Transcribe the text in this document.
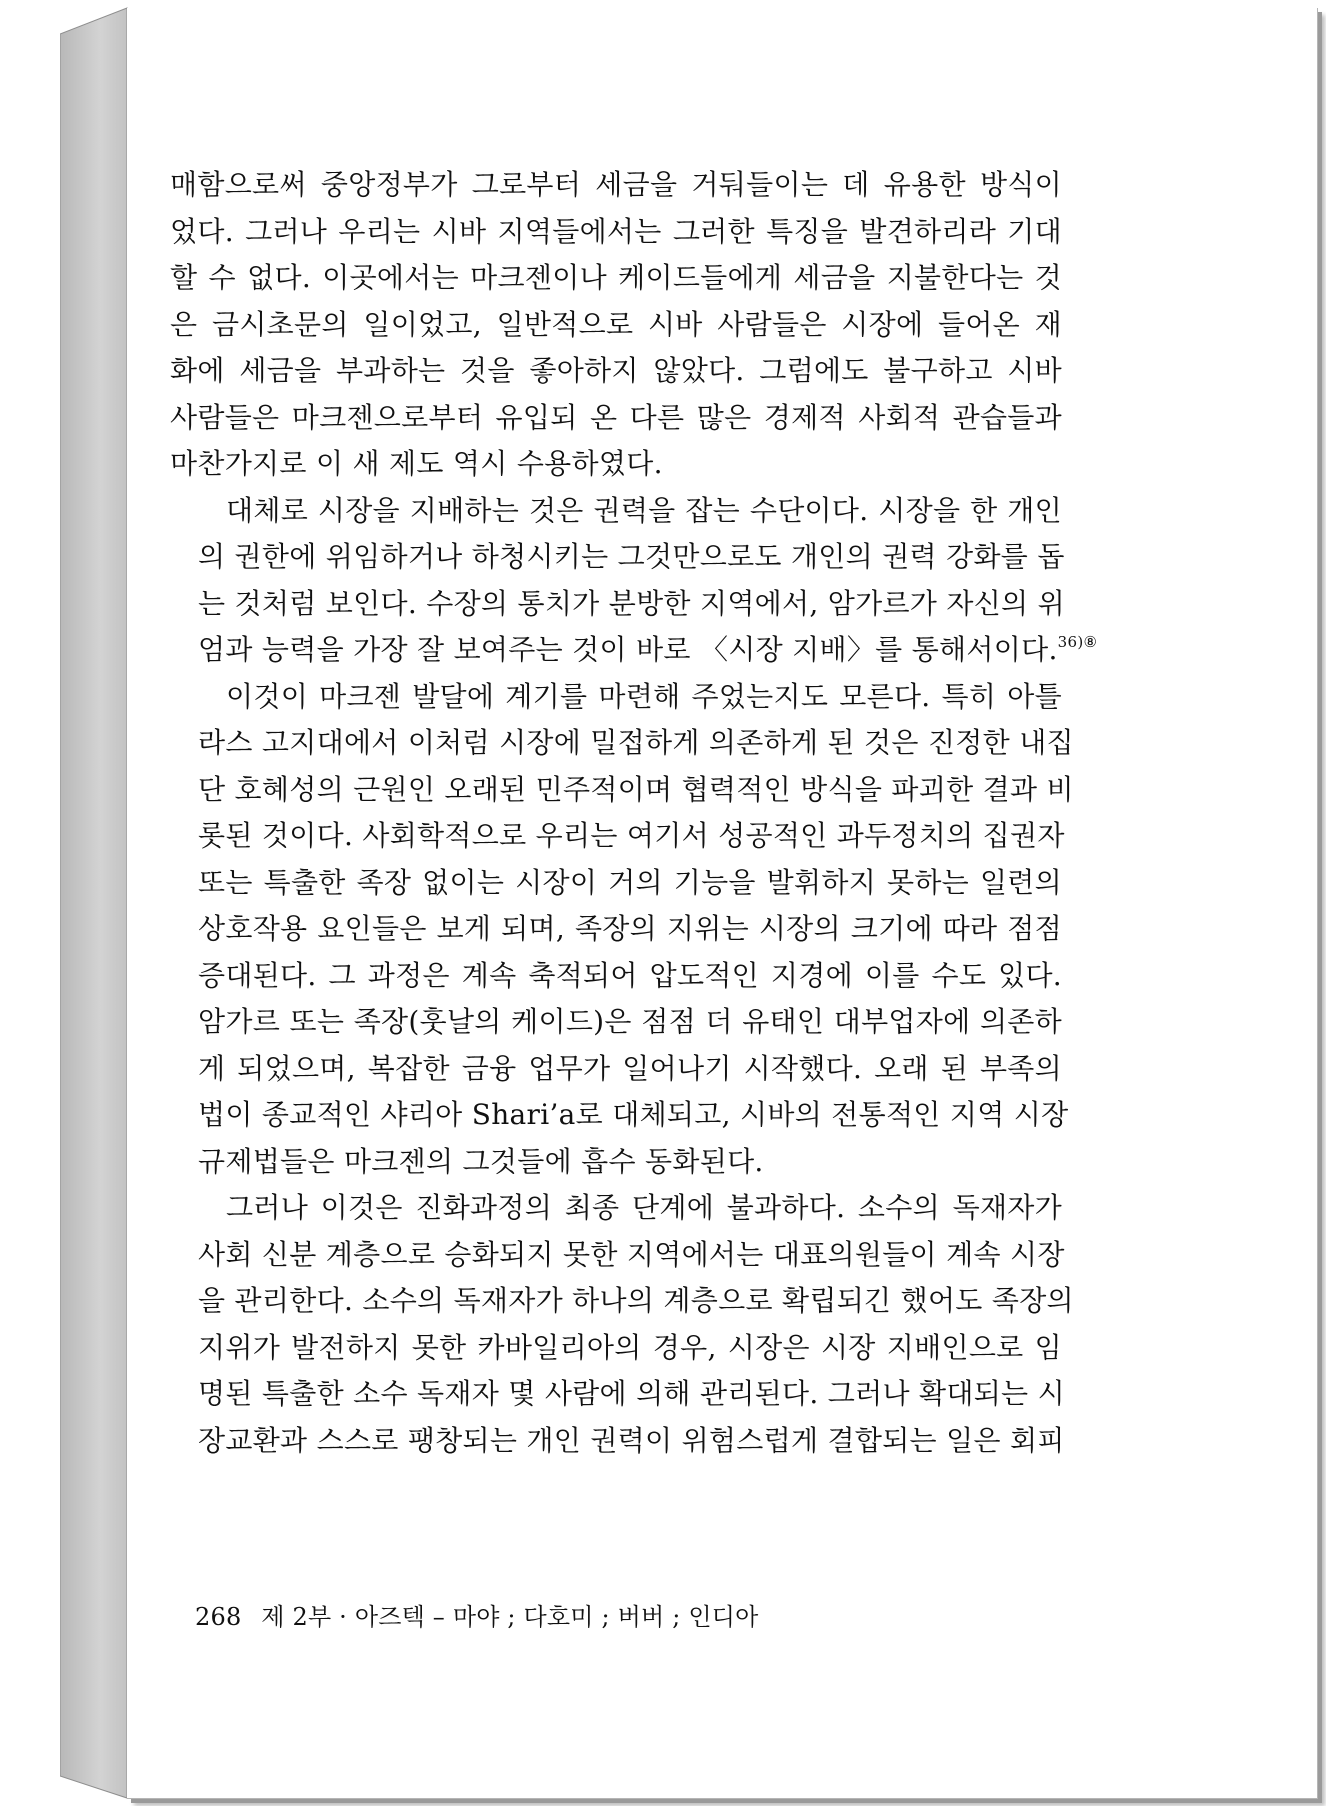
매함으로써 중앙정부가 그로부터 세금을 거둬들이는 데 유용한 방식이
었다. 그러나 우리는 시바 지역들에서는 그러한 특징을 발견하리라 기대
할 수 없다. 이곳에서는 마크젠이나 케이드들에게 세금을 지불한다는 것
은 금시초문의 일이었고, 일반적으로 시바 사람들은 시장에 들어온 재
화에 세금을 부과하는 것을 좋아하지 않았다. 그럼에도 불구하고 시바
사람들은 마크젠으로부터 유입되 온 다른 많은 경제적 사회적 관습들과
마찬가지로 이 새 제도 역시 수용하였다.

대체로 시장을 지배하는 것은 권력을 잡는 수단이다. 시장을 한 개인
의 권한에 위임하거나 하청시키는 그것만으로도 개인의 권력 강화를 돕
는 것처럼 보인다. 수장의 통치가 분방한 지역에서, 암가르가 자신의 위
엄과 능력을 가장 잘 보여주는 것이 바로 〈시장 지배〉를 통해서이다.$^{36)⑧}$

이것이 마크젠 발달에 계기를 마련해 주었는지도 모른다. 특히 아틀
라스 고지대에서 이처럼 시장에 밀접하게 의존하게 된 것은 진정한 내집
단 호혜성의 근원인 오래된 민주적이며 협력적인 방식을 파괴한 결과 비
롯된 것이다. 사회학적으로 우리는 여기서 성공적인 과두정치의 집권자
또는 특출한 족장 없이는 시장이 거의 기능을 발휘하지 못하는 일련의
상호작용 요인들은 보게 되며, 족장의 지위는 시장의 크기에 따라 점점
증대된다. 그 과정은 계속 축적되어 압도적인 지경에 이를 수도 있다.
암가르 또는 족장(훗날의 케이드)은 점점 더 유태인 대부업자에 의존하
게 되었으며, 복잡한 금융 업무가 일어나기 시작했다. 오래 된 부족의
법이 종교적인 샤리아 Shari’a로 대체되고, 시바의 전통적인 지역 시장
규제법들은 마크젠의 그것들에 흡수 동화된다.

그러나 이것은 진화과정의 최종 단계에 불과하다. 소수의 독재자가
사회 신분 계층으로 승화되지 못한 지역에서는 대표의원들이 계속 시장
을 관리한다. 소수의 독재자가 하나의 계층으로 확립되긴 했어도 족장의
지위가 발전하지 못한 카바일리아의 경우, 시장은 시장 지배인으로 임
명된 특출한 소수 독재자 몇 사람에 의해 관리된다. 그러나 확대되는 시
장교환과 스스로 팽창되는 개인 권력이 위험스럽게 결합되는 일은 회피

268 제 2부 · 아즈텍 – 마야 ; 다호미 ; 버버 ; 인디아
